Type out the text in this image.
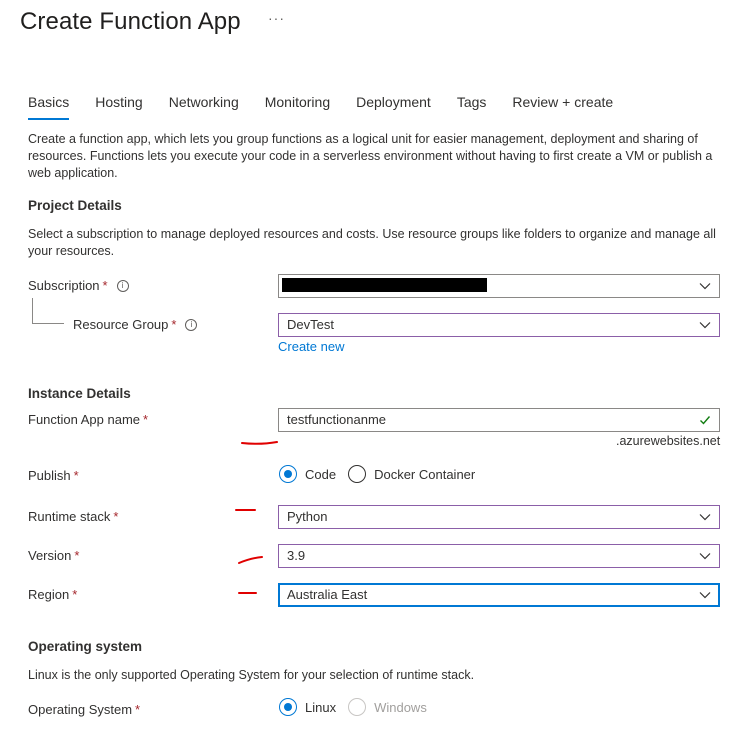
Create Function App ···
Basics Hosting Networking Monitoring Deployment Tags Review + create
Create a function app, which lets you group functions as a logical unit for easier management, deployment and sharing of resources. Functions lets you execute your code in a serverless environment without having to first create a VM or publish a web application.
Project Details
Select a subscription to manage deployed resources and costs. Use resource groups like folders to organize and manage all your resources.
Subscription *	i
Resource Group *	i	DevTest
Create new
Instance Details
Function App name *	testfunctionanme
.azurewebsites.net
Publish *	Code	Docker Container
Runtime stack *	Python
Version *	3.9
Region *	Australia East
Operating system
Linux is the only supported Operating System for your selection of runtime stack.
Operating System *	Linux	Windows
